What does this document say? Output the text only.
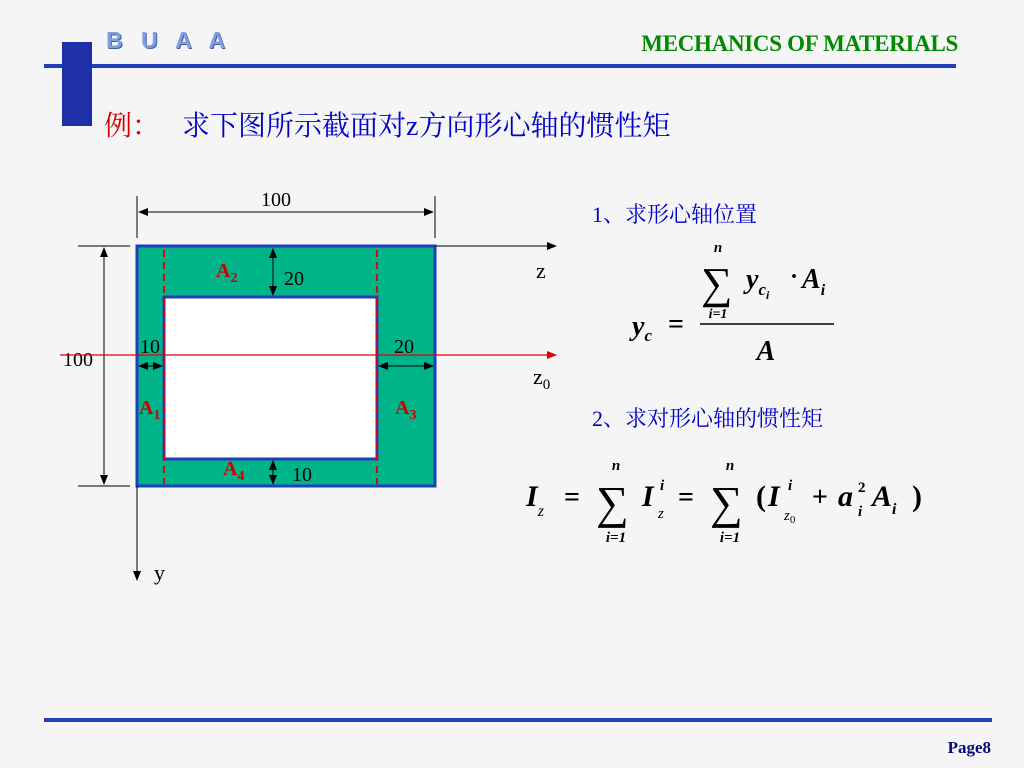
B U A A	MECHANICS OF MATERIALS
例： 求下图所示截面对z方向形心轴的惯性矩
100
100
z
$z_0$
y
20
10
10	20
$A_1$
$A_2$
$A_3$
$A_4$
1、求形心轴位置
2、求对形心轴的惯性矩
$y_c$ =
n
∑
i=1
$y_ci$
· $A_i$
A
$I_z$ =
n
∑
i=1
I i
z
=
n
∑
i=1
( I i
$z_0$
+ a 2
i $A_i$ )
Page8
